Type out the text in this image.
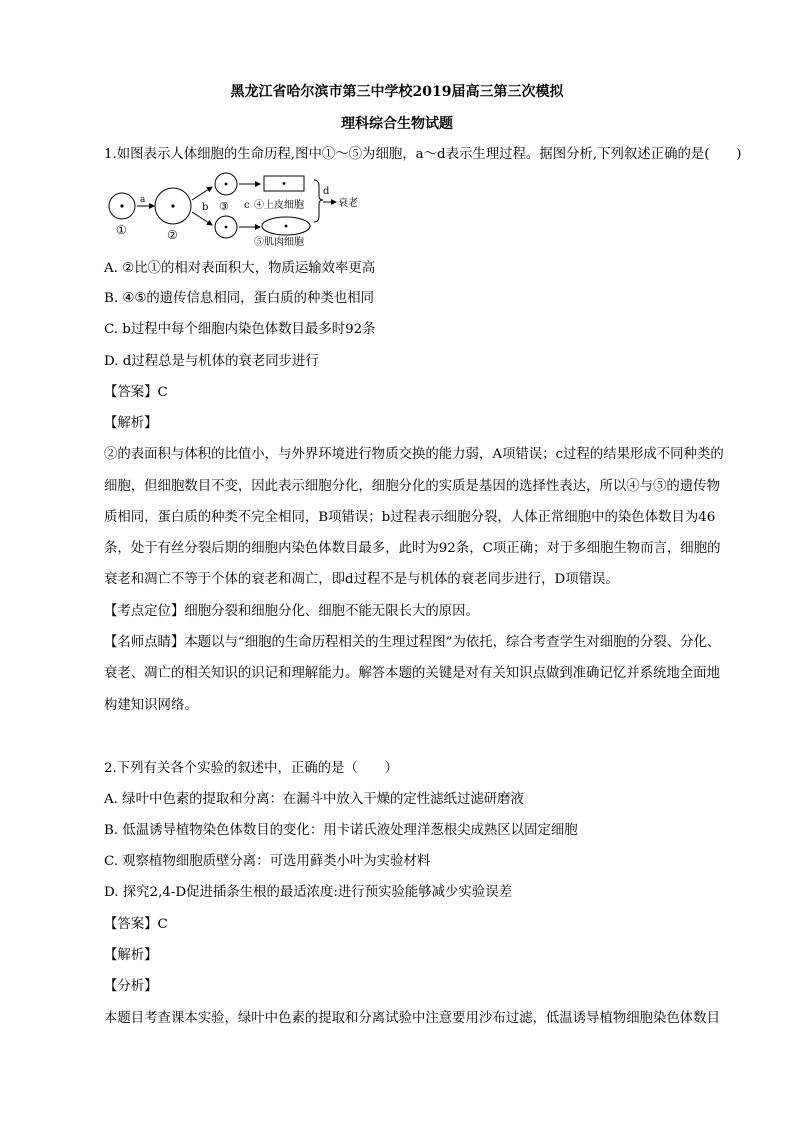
黑龙江省哈尔滨市第三中学校2019届高三第三次模拟
理科综合生物试题
1.如图表示人体细胞的生命历程,图中①～⑤为细胞，a～d表示生理过程。据图分析,下列叙述正确的是(　　)
①
a
②
b ③ c ④上皮细胞
⑤肌肉细胞
d
衰老
A. ②比①的相对表面积大，物质运输效率更高
B. ④⑤的遗传信息相同，蛋白质的种类也相同
C. b过程中每个细胞内染色体数目最多时92条
D. d过程总是与机体的衰老同步进行
【答案】C
【解析】
②的表面积与体积的比值小，与外界环境进行物质交换的能力弱，A项错误；c过程的结果形成不同种类的
细胞，但细胞数目不变，因此表示细胞分化，细胞分化的实质是基因的选择性表达，所以④与⑤的遗传物
质相同，蛋白质的种类不完全相同，B项错误；b过程表示细胞分裂，人体正常细胞中的染色体数目为46
条，处于有丝分裂后期的细胞内染色体数目最多，此时为92条，C项正确；对于多细胞生物而言，细胞的
衰老和凋亡不等于个体的衰老和凋亡，即d过程不是与机体的衰老同步进行，D项错误。
【考点定位】细胞分裂和细胞分化、细胞不能无限长大的原因。
【名师点睛】本题以与“细胞的生命历程相关的生理过程图”为依托，综合考查学生对细胞的分裂、分化、
衰老、凋亡的相关知识的识记和理解能力。解答本题的关键是对有关知识点做到准确记忆并系统地全面地
构建知识网络。
2.下列有关各个实验的叙述中，正确的是（　　）
A. 绿叶中色素的提取和分离：在漏斗中放入干燥的定性滤纸过滤研磨液
B. 低温诱导植物染色体数目的变化：用卡诺氏液处理洋葱根尖成熟区以固定细胞
C. 观察植物细胞质壁分离：可选用藓类小叶为实验材料
D. 探究2,4-D促进插条生根的最适浓度:进行预实验能够减少实验误差
【答案】C
【解析】
【分析】
本题目考查课本实验，绿叶中色素的提取和分离试验中注意要用沙布过滤，低温诱导植物细胞染色体数目
